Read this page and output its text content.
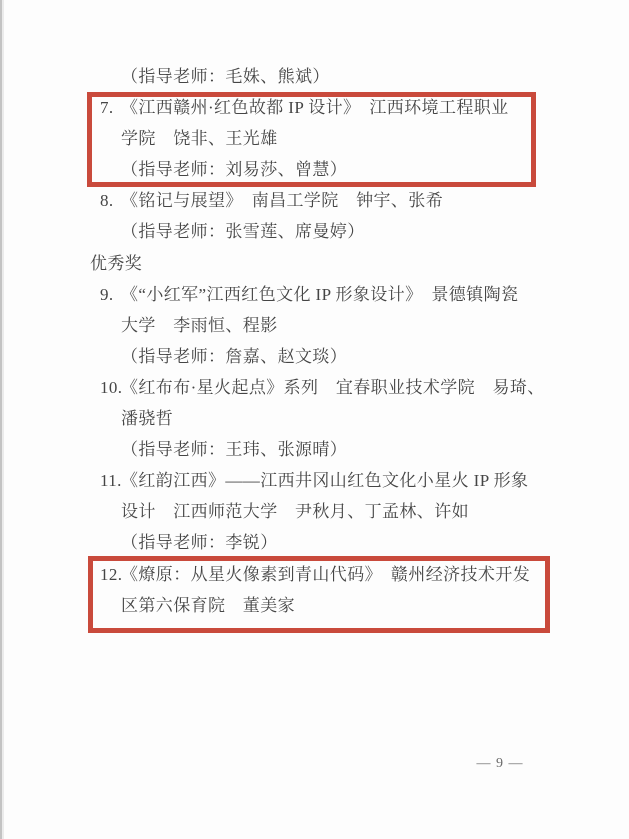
（指导老师：毛姝、熊斌）
7. 《江西赣州·红色故都 IP 设计》　江西环境工程职业
学院　饶非、王光雄
（指导老师：刘易莎、曾慧）
8. 《铭记与展望》　南昌工学院　钟宇、张希
（指导老师：张雪莲、席曼婷）
优秀奖
9. 《“小红军”江西红色文化 IP 形象设计》　景德镇陶瓷
大学　李雨恒、程影
（指导老师：詹嘉、赵文琰）
10.
《红布布·星火起点》系列　宜春职业技术学院　易琦、
潘骁哲
（指导老师：王玮、张源晴）
11. 《红韵江西》——江西井冈山红色文化小星火 IP 形象
设计　江西师范大学　尹秋月、丁孟林、许如
（指导老师：李锐）
12.
《燎原：从星火像素到青山代码》　赣州经济技术开发
区第六保育院　董美家
— 9 —
